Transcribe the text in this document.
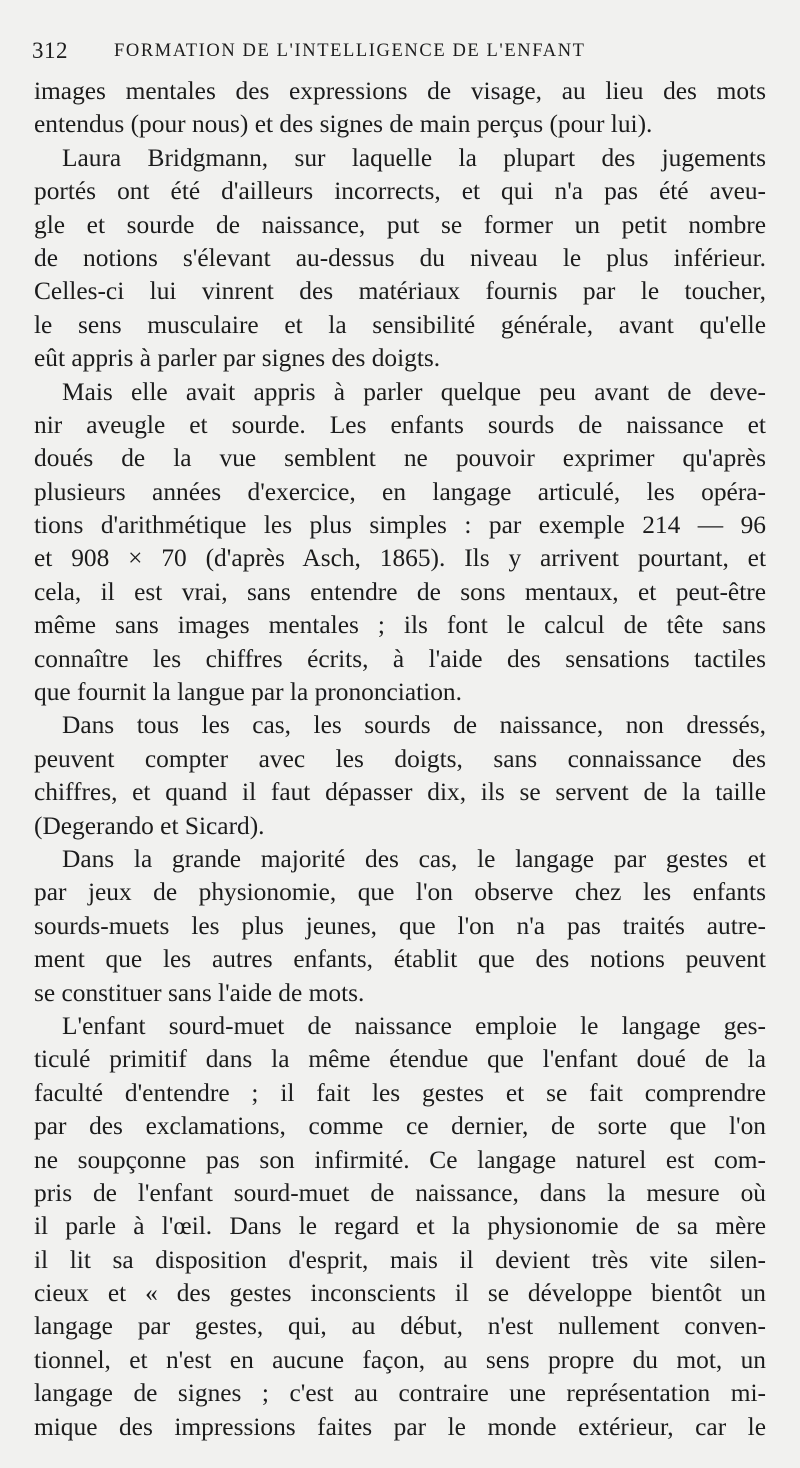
312 FORMATION DE L'INTELLIGENCE DE L'ENFANT
images mentales des expressions de visage, au lieu des mots
entendus (pour nous) et des signes de main perçus (pour lui).
Laura Bridgmann, sur laquelle la plupart des jugements
portés ont été d'ailleurs incorrects, et qui n'a pas été aveu-
gle et sourde de naissance, put se former un petit nombre
de notions s'élevant au-dessus du niveau le plus inférieur.
Celles-ci lui vinrent des matériaux fournis par le toucher,
le sens musculaire et la sensibilité générale, avant qu'elle
eût appris à parler par signes des doigts.
Mais elle avait appris à parler quelque peu avant de deve-
nir aveugle et sourde. Les enfants sourds de naissance et
doués de la vue semblent ne pouvoir exprimer qu'après
plusieurs années d'exercice, en langage articulé, les opéra-
tions d'arithmétique les plus simples : par exemple 214 — 96
et 908 × 70 (d'après Asch, 1865). Ils y arrivent pourtant, et
cela, il est vrai, sans entendre de sons mentaux, et peut-être
même sans images mentales ; ils font le calcul de tête sans
connaître les chiffres écrits, à l'aide des sensations tactiles
que fournit la langue par la prononciation.
Dans tous les cas, les sourds de naissance, non dressés,
peuvent compter avec les doigts, sans connaissance des
chiffres, et quand il faut dépasser dix, ils se servent de la taille
(Degerando et Sicard).
Dans la grande majorité des cas, le langage par gestes et
par jeux de physionomie, que l'on observe chez les enfants
sourds-muets les plus jeunes, que l'on n'a pas traités autre-
ment que les autres enfants, établit que des notions peuvent
se constituer sans l'aide de mots.
L'enfant sourd-muet de naissance emploie le langage ges-
ticulé primitif dans la même étendue que l'enfant doué de la
faculté d'entendre ; il fait les gestes et se fait comprendre
par des exclamations, comme ce dernier, de sorte que l'on
ne soupçonne pas son infirmité. Ce langage naturel est com-
pris de l'enfant sourd-muet de naissance, dans la mesure où
il parle à l'œil. Dans le regard et la physionomie de sa mère
il lit sa disposition d'esprit, mais il devient très vite silen-
cieux et « des gestes inconscients il se développe bientôt un
langage par gestes, qui, au début, n'est nullement conven-
tionnel, et n'est en aucune façon, au sens propre du mot, un
langage de signes ; c'est au contraire une représentation mi-
mique des impressions faites par le monde extérieur, car le
